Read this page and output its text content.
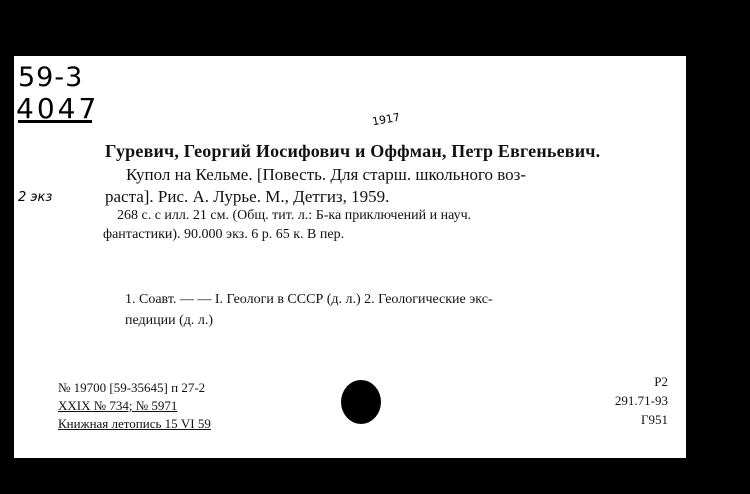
59-3
4047
2 экз
1917
Гуревич, Георгий Иосифович и Оффман, Петр Евгеньевич.
Купол на Кельме. [Повесть. Для старш. школьного воз-
раста]. Рис. А. Лурье. М., Детгиз, 1959.
268 с. с илл. 21 см. (Общ. тит. л.: Б-ка приключений и науч.
фантастики). 90.000 экз. 6 р. 65 к. В пер.
1. Соавт. — — I. Геологи в СССР (д. л.) 2. Геологические экс-
педиции (д. л.)
№ 19700 [59-35645] п 27-2
XXIX № 734; № 5971
Книжная летопись 15 VI 59
Р2
291.71-93
Г951
